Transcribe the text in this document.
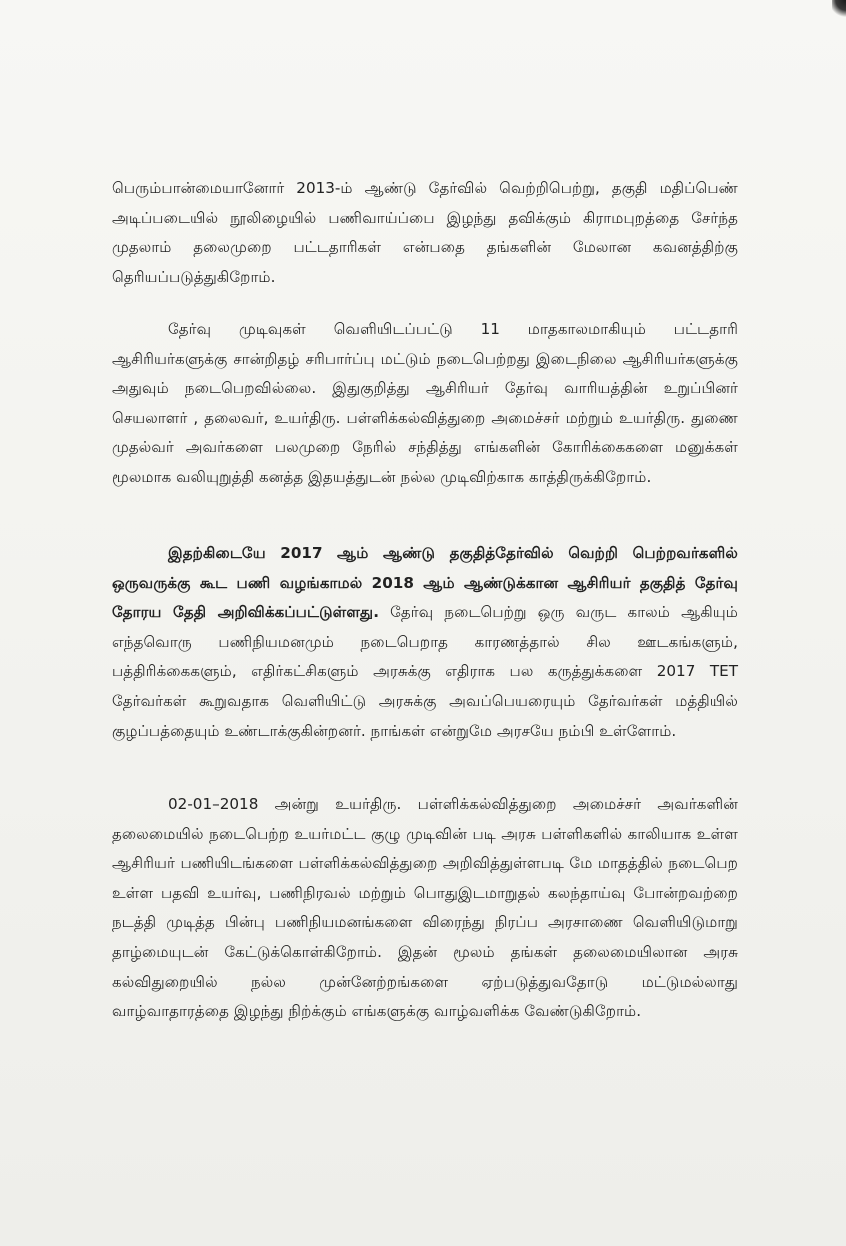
பெரும்பான்மையானோர் 2013-ம் ஆண்டு தேர்வில் வெற்றிபெற்று, தகுதி மதிப்பெண் அடிப்படையில் நூலிழையில் பணிவாய்ப்பை இழந்து தவிக்கும் கிராமபுறத்தை சேர்ந்த முதலாம் தலைமுறை பட்டதாரிகள் என்பதை தங்களின் மேலான கவனத்திற்கு தெரியப்படுத்துகிறோம்.

தேர்வு முடிவுகள் வெளியிடப்பட்டு 11 மாதகாலமாகியும் பட்டதாரி ஆசிரியர்களுக்கு சான்றிதழ் சரிபார்ப்பு மட்டும் நடைபெற்றது இடைநிலை ஆசிரியர்களுக்கு அதுவும் நடைபெறவில்லை. இதுகுறித்து ஆசிரியர் தேர்வு வாரியத்தின் உறுப்பினர் செயலாளர் , தலைவர், உயர்திரு. பள்ளிக்கல்வித்துறை அமைச்சர் மற்றும் உயர்திரு. துணை முதல்வர் அவர்களை பலமுறை நேரில் சந்தித்து எங்களின் கோரிக்கைகளை மனுக்கள் மூலமாக வலியுறுத்தி கனத்த இதயத்துடன் நல்ல முடிவிற்காக காத்திருக்கிறோம்.

இதற்கிடையே 2017 ஆம் ஆண்டு தகுதித்தேர்வில் வெற்றி பெற்றவர்களில் ஒருவருக்கு கூட பணி வழங்காமல் 2018 ஆம் ஆண்டுக்கான ஆசிரியர் தகுதித் தேர்வு தோரய தேதி அறிவிக்கப்பட்டுள்ளது. தேர்வு நடைபெற்று ஒரு வருட காலம் ஆகியும் எந்தவொரு பணிநியமனமும் நடைபெறாத காரணத்தால் சில ஊடகங்களும், பத்திரிக்கைகளும், எதிர்கட்சிகளும் அரசுக்கு எதிராக பல கருத்துக்களை 2017 TET தேர்வர்கள் கூறுவதாக வெளியிட்டு அரசுக்கு அவப்பெயரையும் தேர்வர்கள் மத்தியில் குழப்பத்தையும் உண்டாக்குகின்றனர். நாங்கள் என்றுமே அரசயே நம்பி உள்ளோம்.

02-01–2018 அன்று உயர்திரு. பள்ளிக்கல்வித்துறை அமைச்சர் அவர்களின் தலைமையில் நடைபெற்ற உயர்மட்ட குழு முடிவின் படி அரசு பள்ளிகளில் காலியாக உள்ள ஆசிரியர் பணியிடங்களை பள்ளிக்கல்வித்துறை அறிவித்துள்ளபடி மே மாதத்தில் நடைபெற உள்ள பதவி உயர்வு, பணிநிரவல் மற்றும் பொதுஇடமாறுதல் கலந்தாய்வு போன்றவற்றை நடத்தி முடித்த பின்பு பணிநியமனங்களை விரைந்து நிரப்ப அரசாணை வெளியிடுமாறு தாழ்மையுடன் கேட்டுக்கொள்கிறோம். இதன் மூலம் தங்கள் தலைமையிலான அரசு கல்விதுறையில் நல்ல முன்னேற்றங்களை ஏற்படுத்துவதோடு மட்டுமல்லாது வாழ்வாதாரத்தை இழந்து நிற்க்கும் எங்களுக்கு வாழ்வளிக்க வேண்டுகிறோம்.
